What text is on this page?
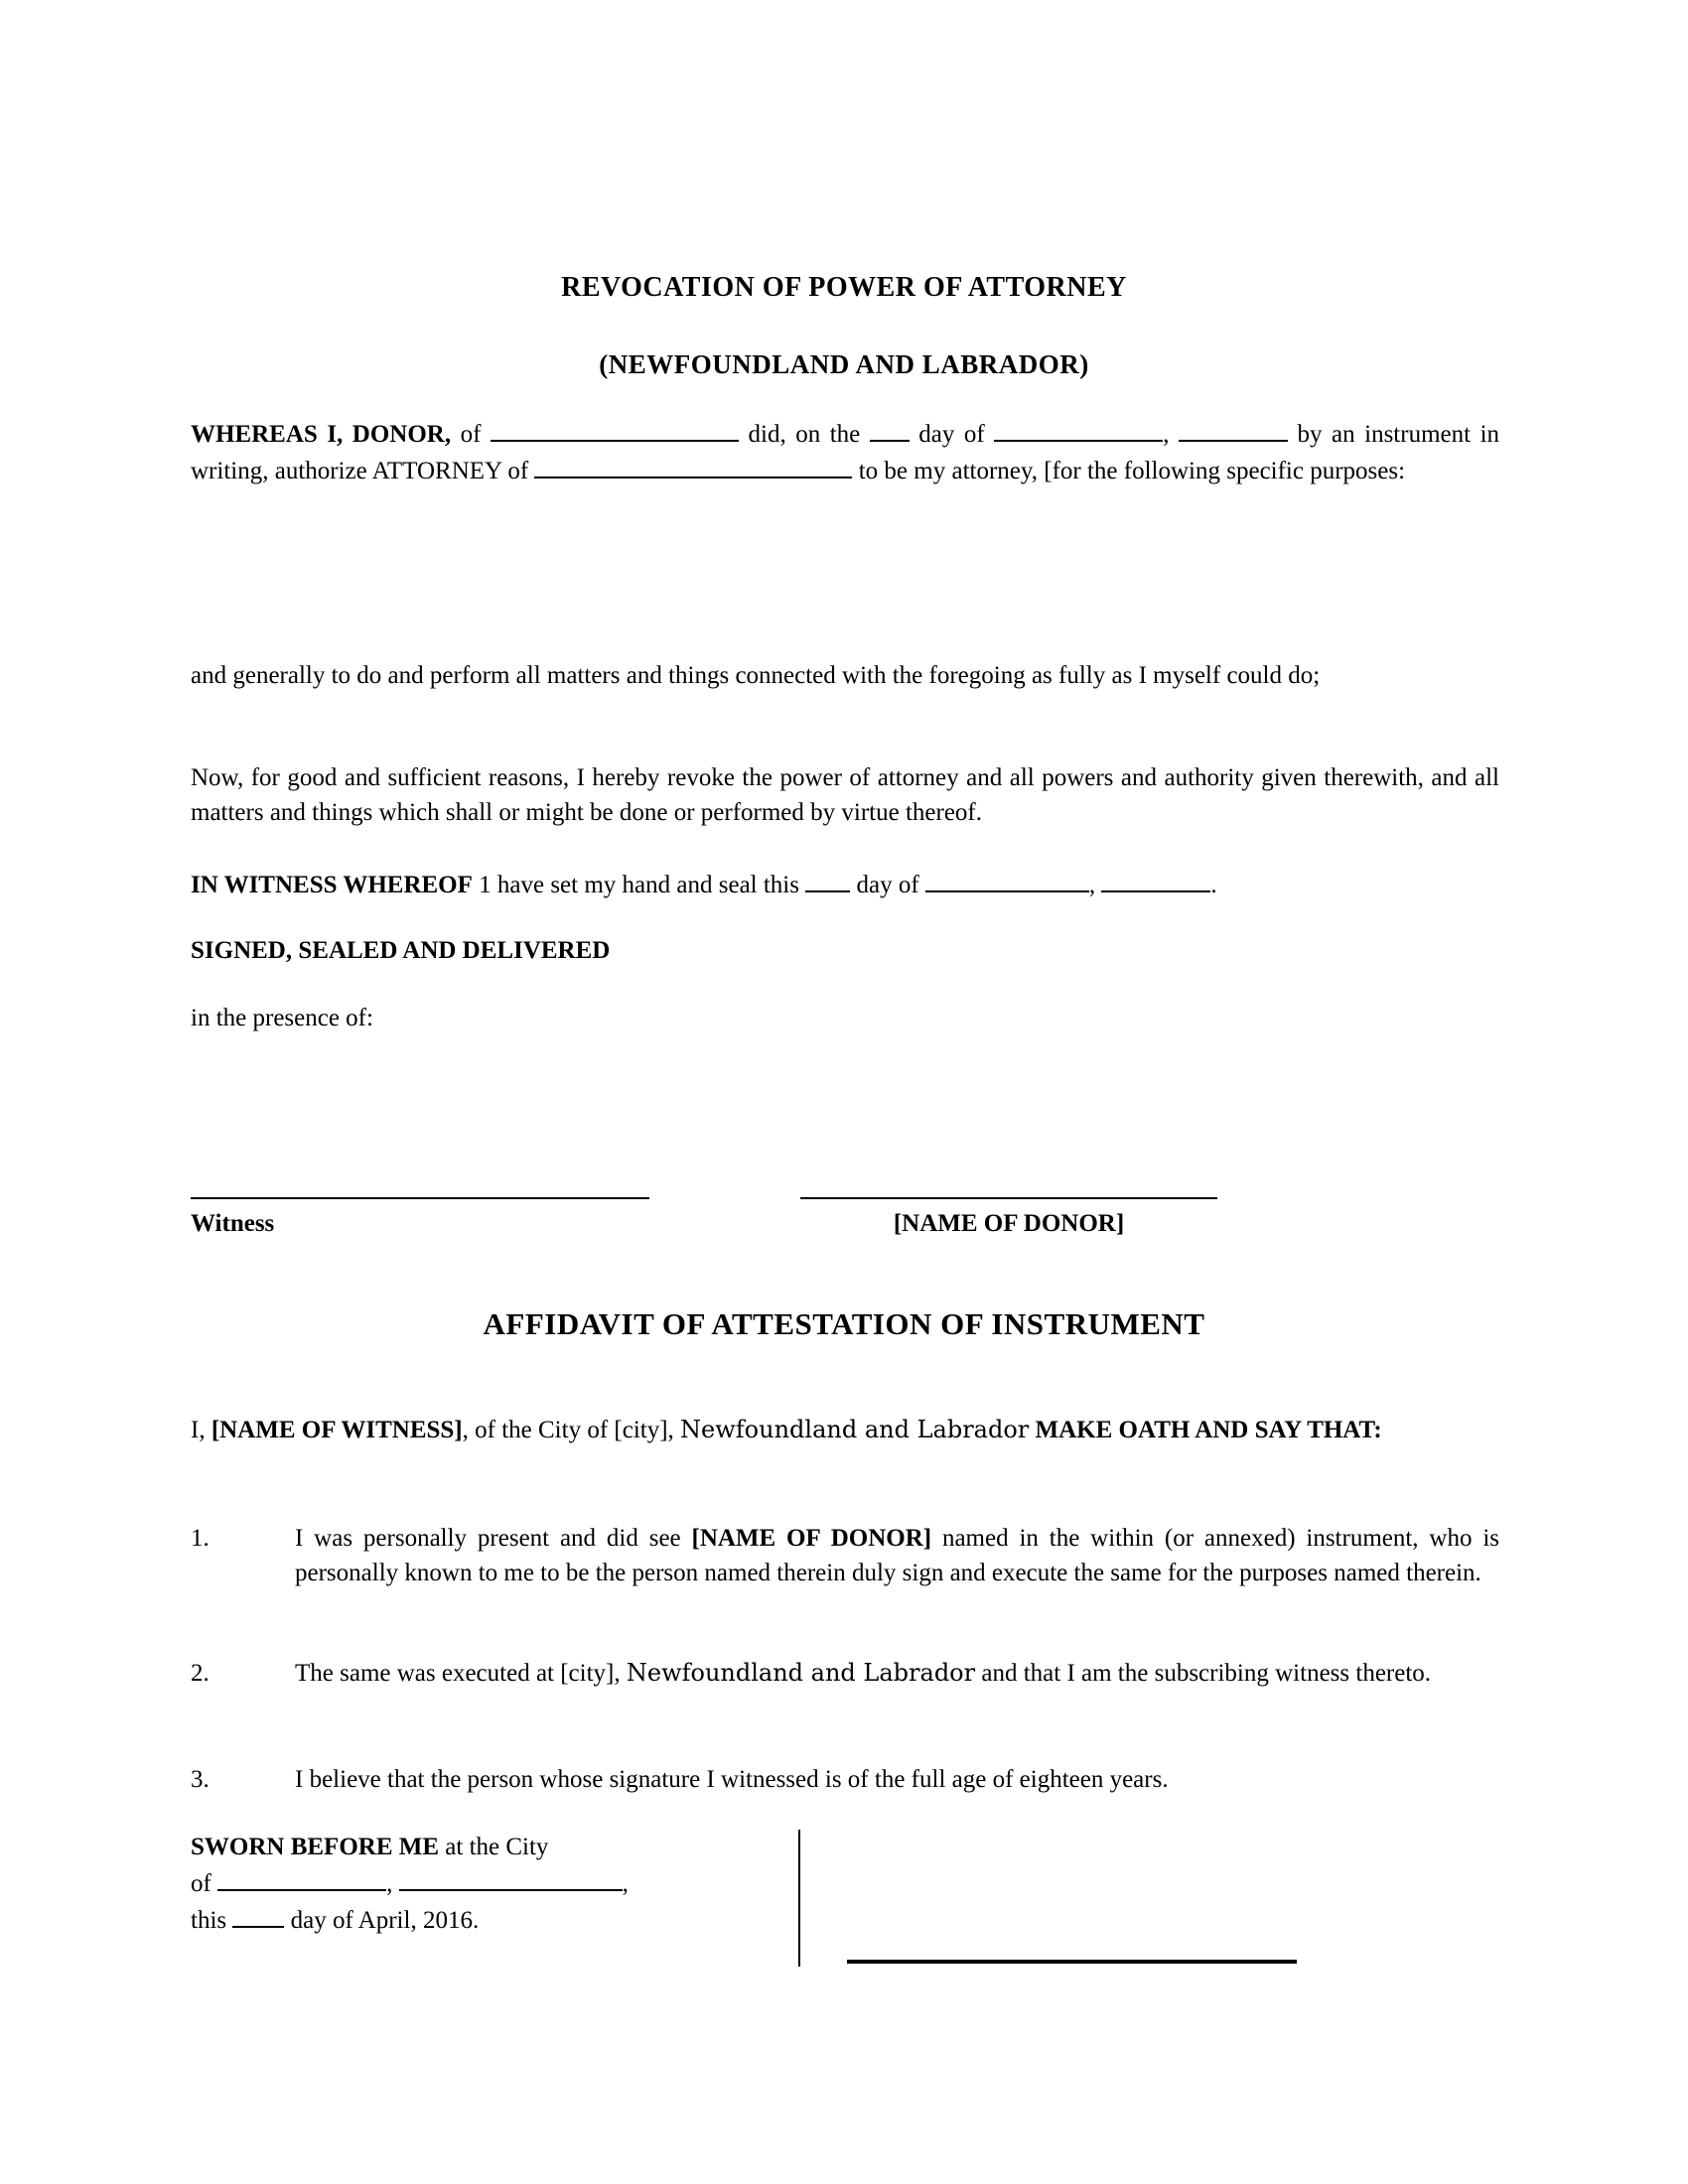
REVOCATION OF POWER OF ATTORNEY
(NEWFOUNDLAND AND LABRADOR)
WHEREAS I, DONOR, of	did, on the  day of	,	by an instrument in writing, authorize ATTORNEY of	to be my attorney, [for the following specific purposes:
and generally to do and perform all matters and things connected with the foregoing as fully as I myself could do;
Now, for good and sufficient reasons, I hereby revoke the power of attorney and all powers and authority given therewith, and all matters and things which shall or might be done or performed by virtue thereof.
IN WITNESS WHEREOF 1 have set my hand and seal this  day of	,	.
SIGNED, SEALED AND DELIVERED
in the presence of:
Witness	[NAME OF DONOR]
AFFIDAVIT OF ATTESTATION OF INSTRUMENT
I, [NAME OF WITNESS], of the City of [city], Newfoundland and Labrador MAKE OATH AND SAY THAT:
1.	I was personally present and did see [NAME OF DONOR] named in the within (or annexed) instrument, who is personally known to me to be the person named therein duly sign and execute the same for the purposes named therein.
2.	The same was executed at [city], Newfoundland and Labrador and that I am the subscribing witness thereto.
3.	I believe that the person whose signature I witnessed is of the full age of eighteen years.
SWORN BEFORE ME at the City
of	,	,
this  day of April, 2016.
